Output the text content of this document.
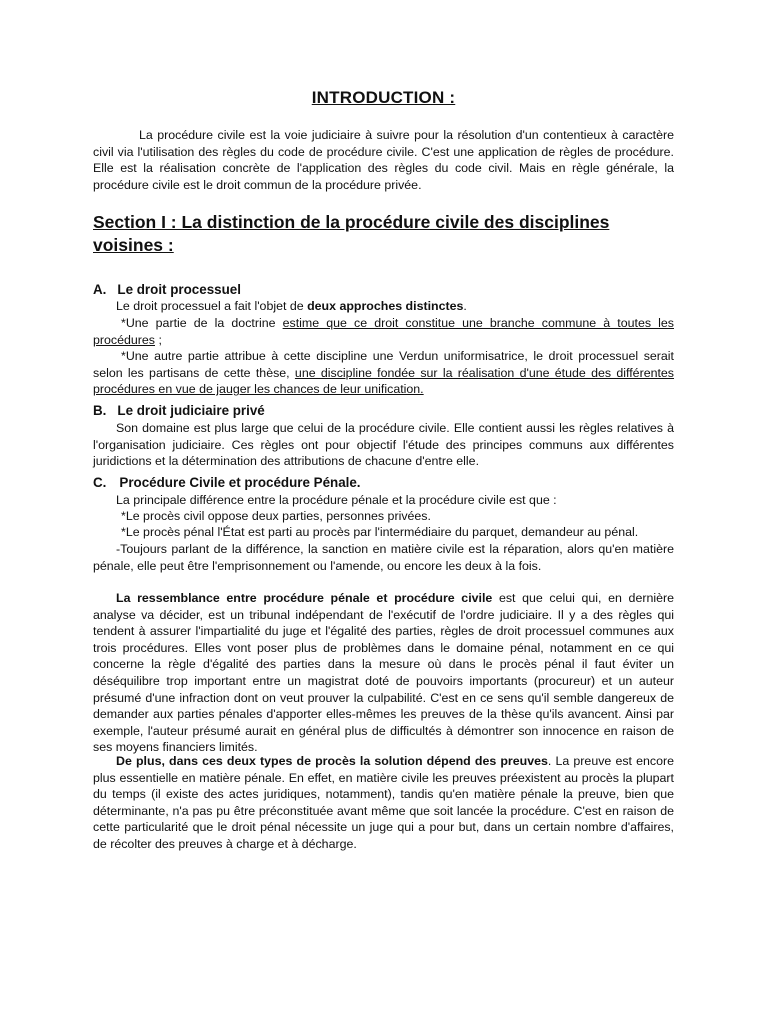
INTRODUCTION :
La procédure civile est la voie judiciaire à suivre pour la résolution d'un contentieux à caractère civil via l'utilisation des règles du code de procédure civile. C'est une application de règles de procédure. Elle est la réalisation concrète de l'application des règles du code civil. Mais en règle générale, la procédure civile est le droit commun de la procédure privée.
Section I : La distinction de la procédure civile des disciplines voisines :
A. Le droit processuel
Le droit processuel a fait l'objet de deux approches distinctes.
*Une partie de la doctrine estime que ce droit constitue une branche commune à toutes les procédures ;
*Une autre partie attribue à cette discipline une Verdun uniformisatrice, le droit processuel serait selon les partisans de cette thèse, une discipline fondée sur la réalisation d'une étude des différentes procédures en vue de jauger les chances de leur unification.
B. Le droit judiciaire privé
Son domaine est plus large que celui de la procédure civile. Elle contient aussi les règles relatives à l'organisation judiciaire. Ces règles ont pour objectif l'étude des principes communs aux différentes juridictions et la détermination des attributions de chacune d'entre elle.
C. Procédure Civile et procédure Pénale.
La principale différence entre la procédure pénale et la procédure civile est que :
*Le procès civil oppose deux parties, personnes privées.
*Le procès pénal l'État est parti au procès par l'intermédiaire du parquet, demandeur au pénal.
-Toujours parlant de la différence, la sanction en matière civile est la réparation, alors qu'en matière pénale, elle peut être l'emprisonnement ou l'amende, ou encore les deux à la fois.
La ressemblance entre procédure pénale et procédure civile est que celui qui, en dernière analyse va décider, est un tribunal indépendant de l'exécutif de l'ordre judiciaire. Il y a des règles qui tendent à assurer l'impartialité du juge et l'égalité des parties, règles de droit processuel communes aux trois procédures. Elles vont poser plus de problèmes dans le domaine pénal, notamment en ce qui concerne la règle d'égalité des parties dans la mesure où dans le procès pénal il faut éviter un déséquilibre trop important entre un magistrat doté de pouvoirs importants (procureur) et un auteur présumé d'une infraction dont on veut prouver la culpabilité. C'est en ce sens qu'il semble dangereux de demander aux parties pénales d'apporter elles-mêmes les preuves de la thèse qu'ils avancent. Ainsi par exemple, l'auteur présumé aurait en général plus de difficultés à démontrer son innocence en raison de ses moyens financiers limités.
De plus, dans ces deux types de procès la solution dépend des preuves. La preuve est encore plus essentielle en matière pénale. En effet, en matière civile les preuves préexistent au procès la plupart du temps (il existe des actes juridiques, notamment), tandis qu'en matière pénale la preuve, bien que déterminante, n'a pas pu être préconstituée avant même que soit lancée la procédure. C'est en raison de cette particularité que le droit pénal nécessite un juge qui a pour but, dans un certain nombre d'affaires, de récolter des preuves à charge et à décharge.
